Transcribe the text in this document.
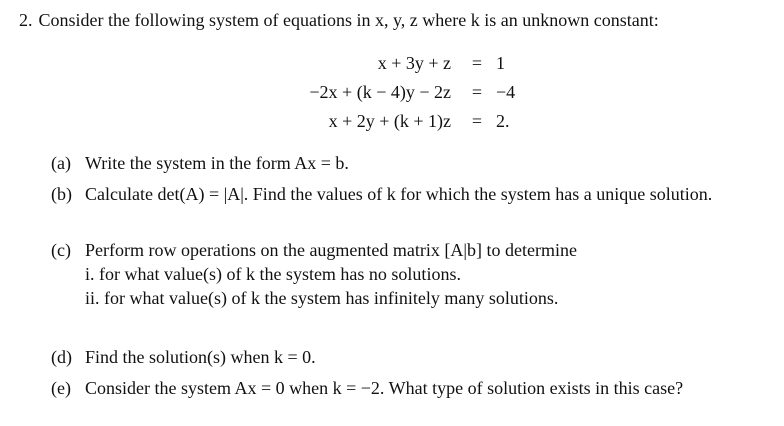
2. Consider the following system of equations in x, y, z where k is an unknown constant:
x + 3y + z = 1
−2x + (k − 4)y − 2z = −4
x + 2y + (k + 1)z = 2.
(a) Write the system in the form Ax = b.
(b) Calculate det(A) = |A|. Find the values of k for which the system has a unique solution.
(c) Perform row operations on the augmented matrix [A|b] to determine
i. for what value(s) of k the system has no solutions.
ii. for what value(s) of k the system has infinitely many solutions.
(d) Find the solution(s) when k = 0.
(e) Consider the system Ax = 0 when k = −2. What type of solution exists in this case?
